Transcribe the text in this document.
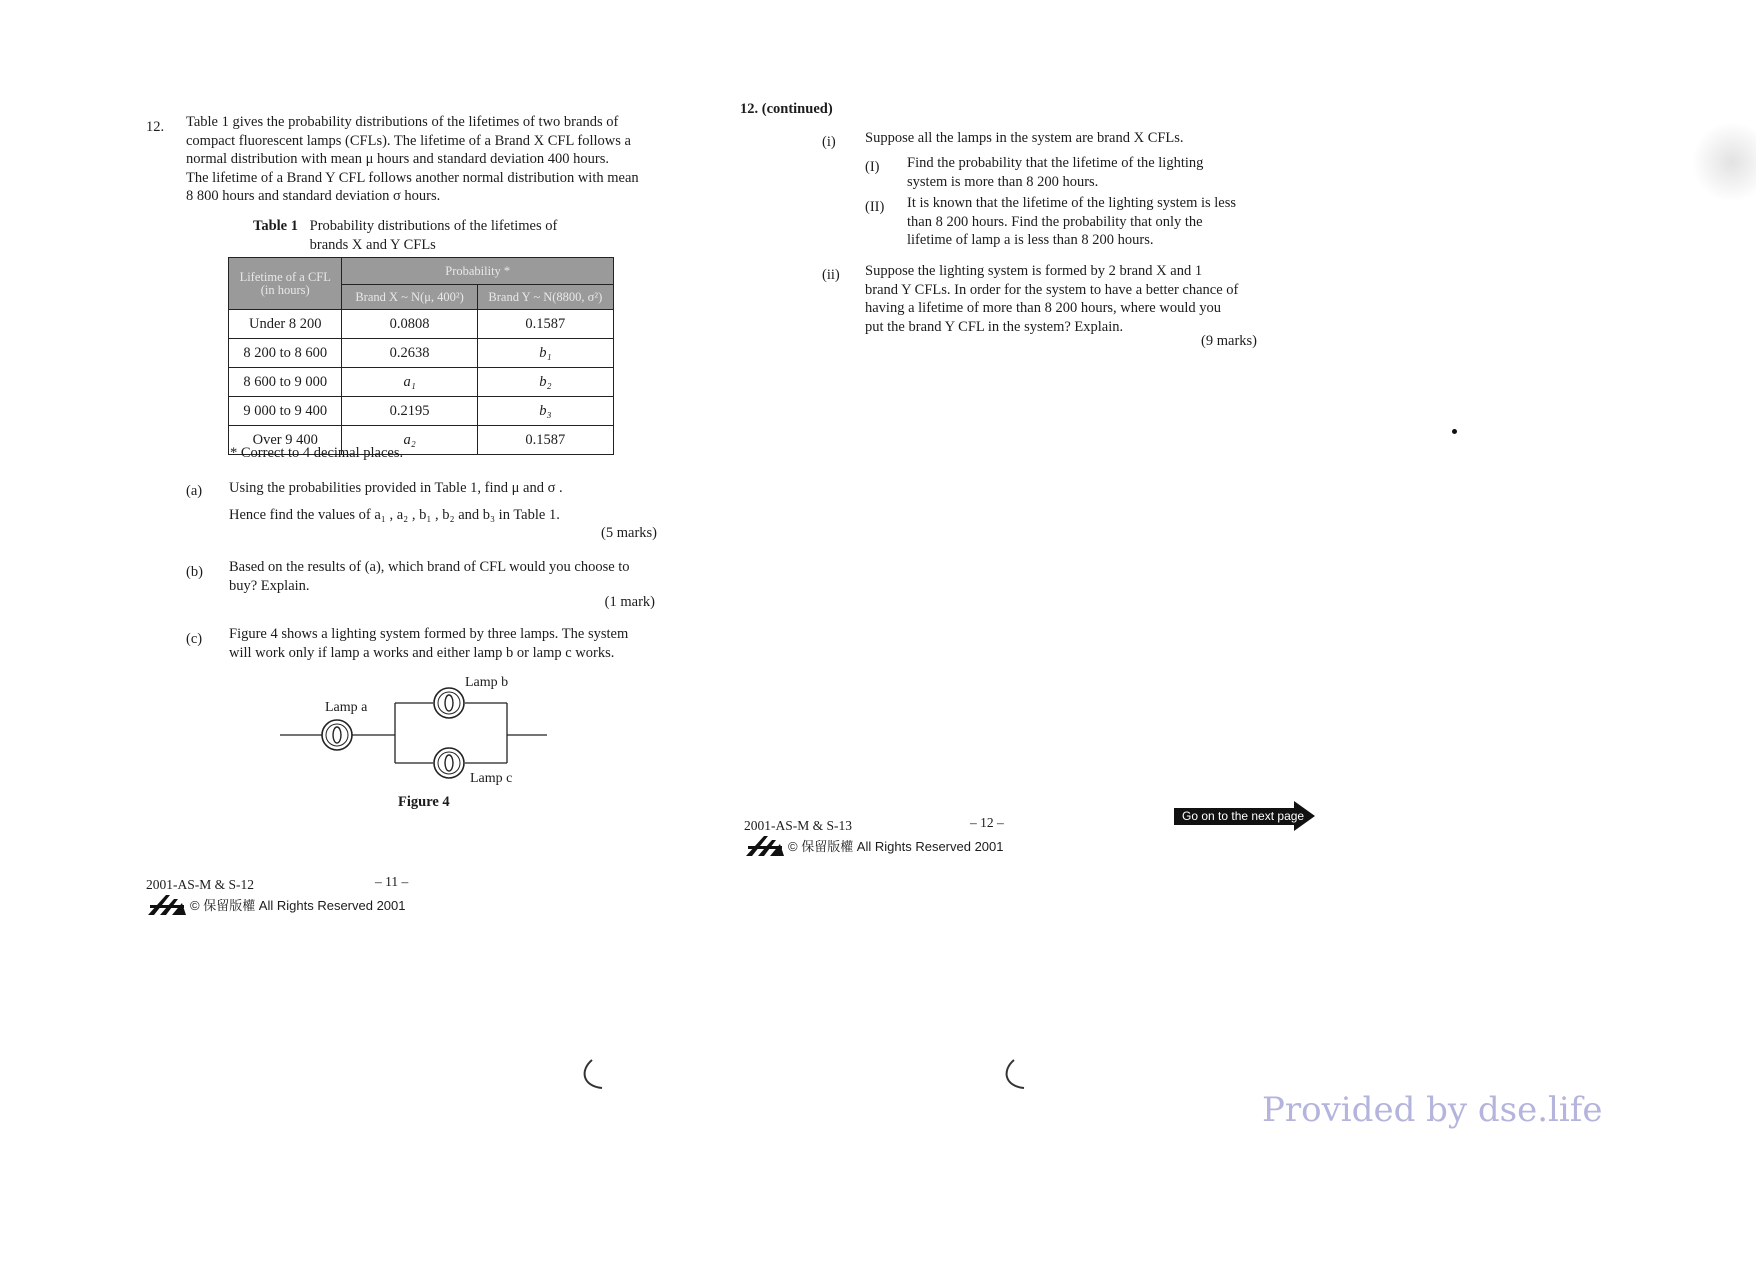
12. Table 1 gives the probability distributions of the lifetimes of two brands of
compact fluorescent lamps (CFLs). The lifetime of a Brand X CFL follows a
normal distribution with mean μ hours and standard deviation 400 hours.
The lifetime of a Brand Y CFL follows another normal distribution with mean
8 800 hours and standard deviation σ hours.
Table 1 Probability distributions of the lifetimes of
brands X and Y CFLs
Lifetime of a CFL
(in hours)	Probability *	
	Brand X ~ N(μ, 400²)	Brand Y ~ N(8800, σ²)
Under 8 200	0.0808	0.1587
8 200 to 8 600	0.2638	b₁
8 600 to 9 000	a₁	b₂
9 000 to 9 400	0.2195	b₃
Over 9 400	a₂	0.1587
* Correct to 4 decimal places.
(a) Using the probabilities provided in Table 1, find μ and σ .
Hence find the values of a₁ , a₂ , b₁ , b₂ and b₃ in Table 1.
(5 marks)
(b) Based on the results of (a), which brand of CFL would you choose to
buy? Explain.
(1 mark)
(c) Figure 4 shows a lighting system formed by three lamps. The system
will work only if lamp a works and either lamp b or lamp c works.
Lamp a
Lamp b
Lamp c
Figure 4
2001-AS-M & S-12	– 11 –
© 保留版權 All Rights Reserved 2001
12. (continued)
(i) Suppose all the lamps in the system are brand X CFLs.
(I) Find the probability that the lifetime of the lighting
system is more than 8 200 hours.
(II) It is known that the lifetime of the lighting system is less
than 8 200 hours. Find the probability that only the
lifetime of lamp a is less than 8 200 hours.
(ii) Suppose the lighting system is formed by 2 brand X and 1
brand Y CFLs. In order for the system to have a better chance of
having a lifetime of more than 8 200 hours, where would you
put the brand Y CFL in the system? Explain.
(9 marks)
2001-AS-M & S-13	– 12 –
© 保留版權 All Rights Reserved 2001
Go on to the next page
Provided by dse.life
